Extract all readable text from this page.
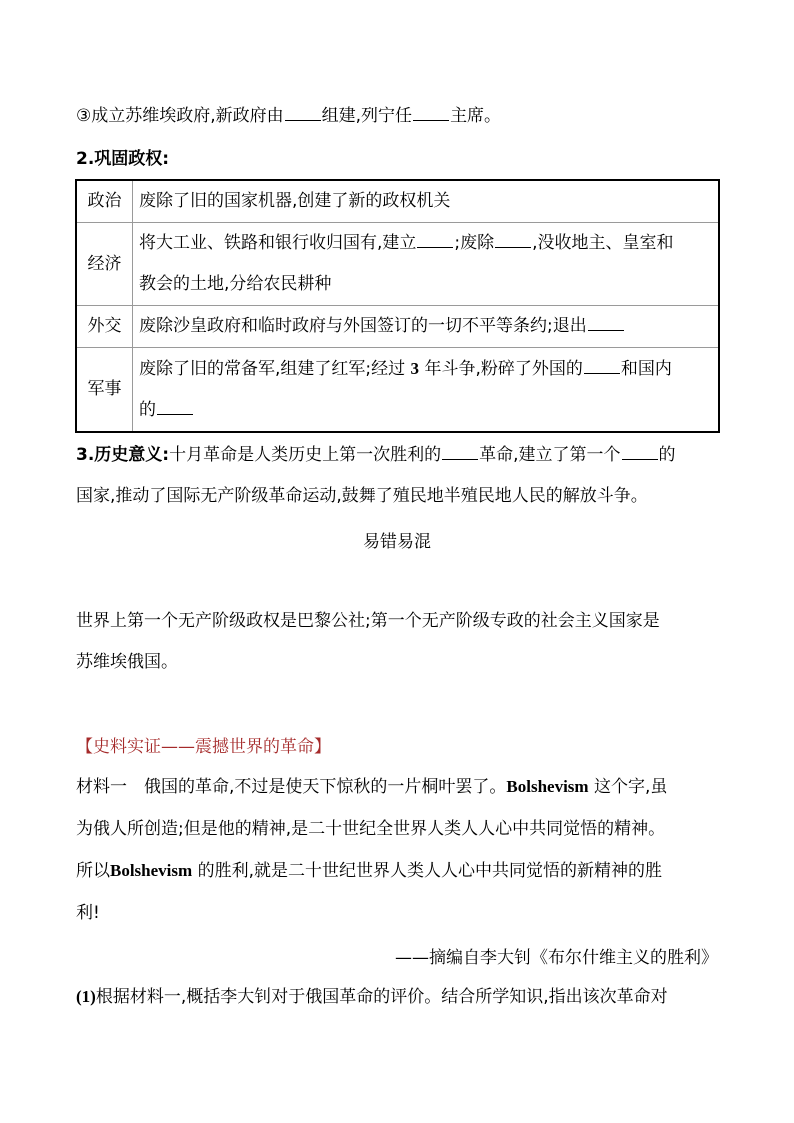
③成立苏维埃政府,新政府由 组建,列宁任 主席。
2.巩固政权:
政治	废除了旧的国家机器,创建了新的政权机关
经济	将大工业、铁路和银行收归国有,建立 ;废除 ,没收地主、皇室和
教会的土地,分给农民耕种

外交	废除沙皇政府和临时政府与外国签订的一切不平等条约;退出
军事	废除了旧的常备军,组建了红军;经过 3 年斗争,粉碎了外国的 和国内
的
3.历史意义:十月革命是人类历史上第一次胜利的 革命,建立了第一个 的
国家,推动了国际无产阶级革命运动,鼓舞了殖民地半殖民地人民的解放斗争。
易错易混
世界上第一个无产阶级政权是巴黎公社;第一个无产阶级专政的社会主义国家是
苏维埃俄国。
【史料实证——震撼世界的革命】
材料一　俄国的革命,不过是使天下惊秋的一片桐叶罢了。Bolshevism 这个字,虽
为俄人所创造;但是他的精神,是二十世纪全世界人类人人心中共同觉悟的精神。
所以Bolshevism 的胜利,就是二十世纪世界人类人人心中共同觉悟的新精神的胜
利!
——摘编自李大钊《布尔什维主义的胜利》
(1)根据材料一,概括李大钊对于俄国革命的评价。结合所学知识,指出该次革命对
